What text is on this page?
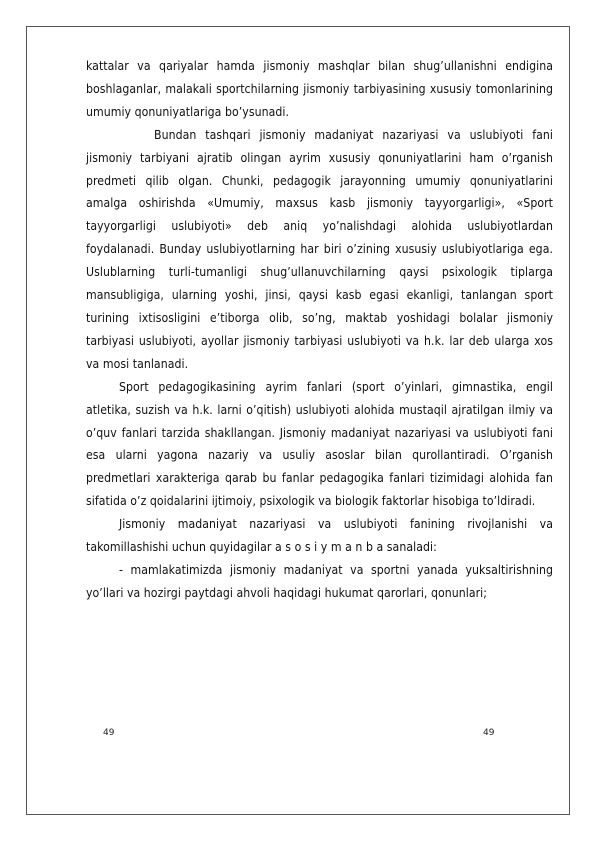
kattalar va qariyalar hamda jismoniy mashqlar bilan shug’ullanishni endigina boshlaganlar, malakali sportchilarning jismoniy tarbiyasining xususiy tomonlarining umumiy qonuniyatlariga bo’ysunadi.

Bundan tashqari jismoniy madaniyat nazariyasi va uslubiyoti fani jismoniy tarbiyani ajratib olingan ayrim xususiy qonuniyatlarini ham o’rganish predmeti qilib olgan. Chunki, pedagogik jarayonning umumiy qonuniyatlarini amalga oshirishda «Umumiy, maxsus kasb jismoniy tayyorgarligi», «Sport tayyorgarligi uslubiyoti» deb aniq yo’nalishdagi alohida uslubiyotlardan foydalanadi. Bunday uslubiyotlarning har biri o’zining xususiy uslubiyotlariga ega. Uslublarning turli-tumanligi shug’ullanuvchilarning qaysi psixologik tiplarga mansubligiga, ularning yoshi, jinsi, qaysi kasb egasi ekanligi, tanlangan sport turining ixtisosligini e’tiborga olib, so’ng, maktab yoshidagi bolalar jismoniy tarbiyasi uslubiyoti, ayollar jismoniy tarbiyasi uslubiyoti va h.k. lar deb ularga xos va mosi tanlanadi.

Sport pedagogikasining ayrim fanlari (sport o’yinlari, gimnastika, engil atletika, suzish va h.k. larni o’qitish) uslubiyoti alohida mustaqil ajratilgan ilmiy va o’quv fanlari tarzida shakllangan. Jismoniy madaniyat nazariyasi va uslubiyoti fani esa ularni yagona nazariy va usuliy asoslar bilan qurollantiradi. O’rganish predmetlari xarakteriga qarab bu fanlar pedagogika fanlari tizimidagi alohida fan sifatida o’z qoidalarini ijtimoiy, psixologik va biologik faktorlar hisobiga to’ldiradi.

Jismoniy madaniyat nazariyasi va uslubiyoti fanining rivojlanishi va takomillashishi uchun quyidagilar a s o s i y m a n b a sanaladi:

- mamlakatimizda jismoniy madaniyat va sportni yanada yuksaltirishning yo’llari va hozirgi paytdagi ahvoli haqidagi hukumat qarorlari, qonunlari;

49	49
